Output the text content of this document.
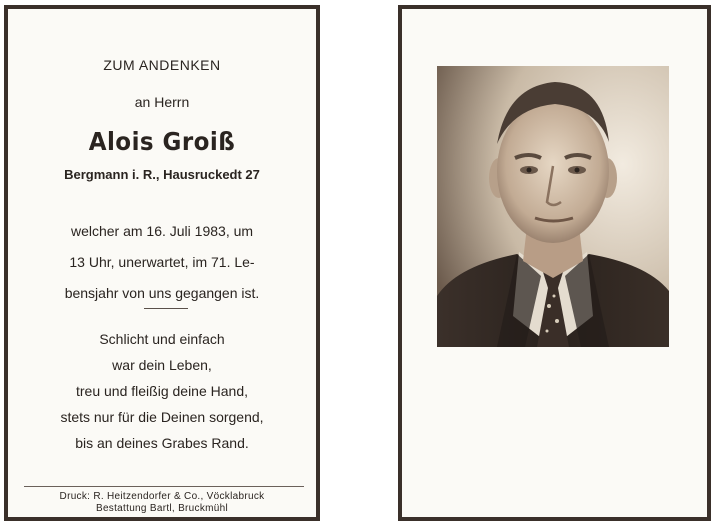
ZUM ANDENKEN
an Herrn
Alois Groiß
Bergmann i. R., Hausruckedt 27
welcher am 16. Juli 1983, um
13 Uhr, unerwartet, im 71. Le-
bensjahr von uns gegangen ist.
Schlicht und einfach
war dein Leben,
treu und fleißig deine Hand,
stets nur für die Deinen sorgend,
bis an deines Grabes Rand.
Druck: R. Heitzendorfer & Co., Vöcklabruck
Bestattung Bartl, Bruckmühl
